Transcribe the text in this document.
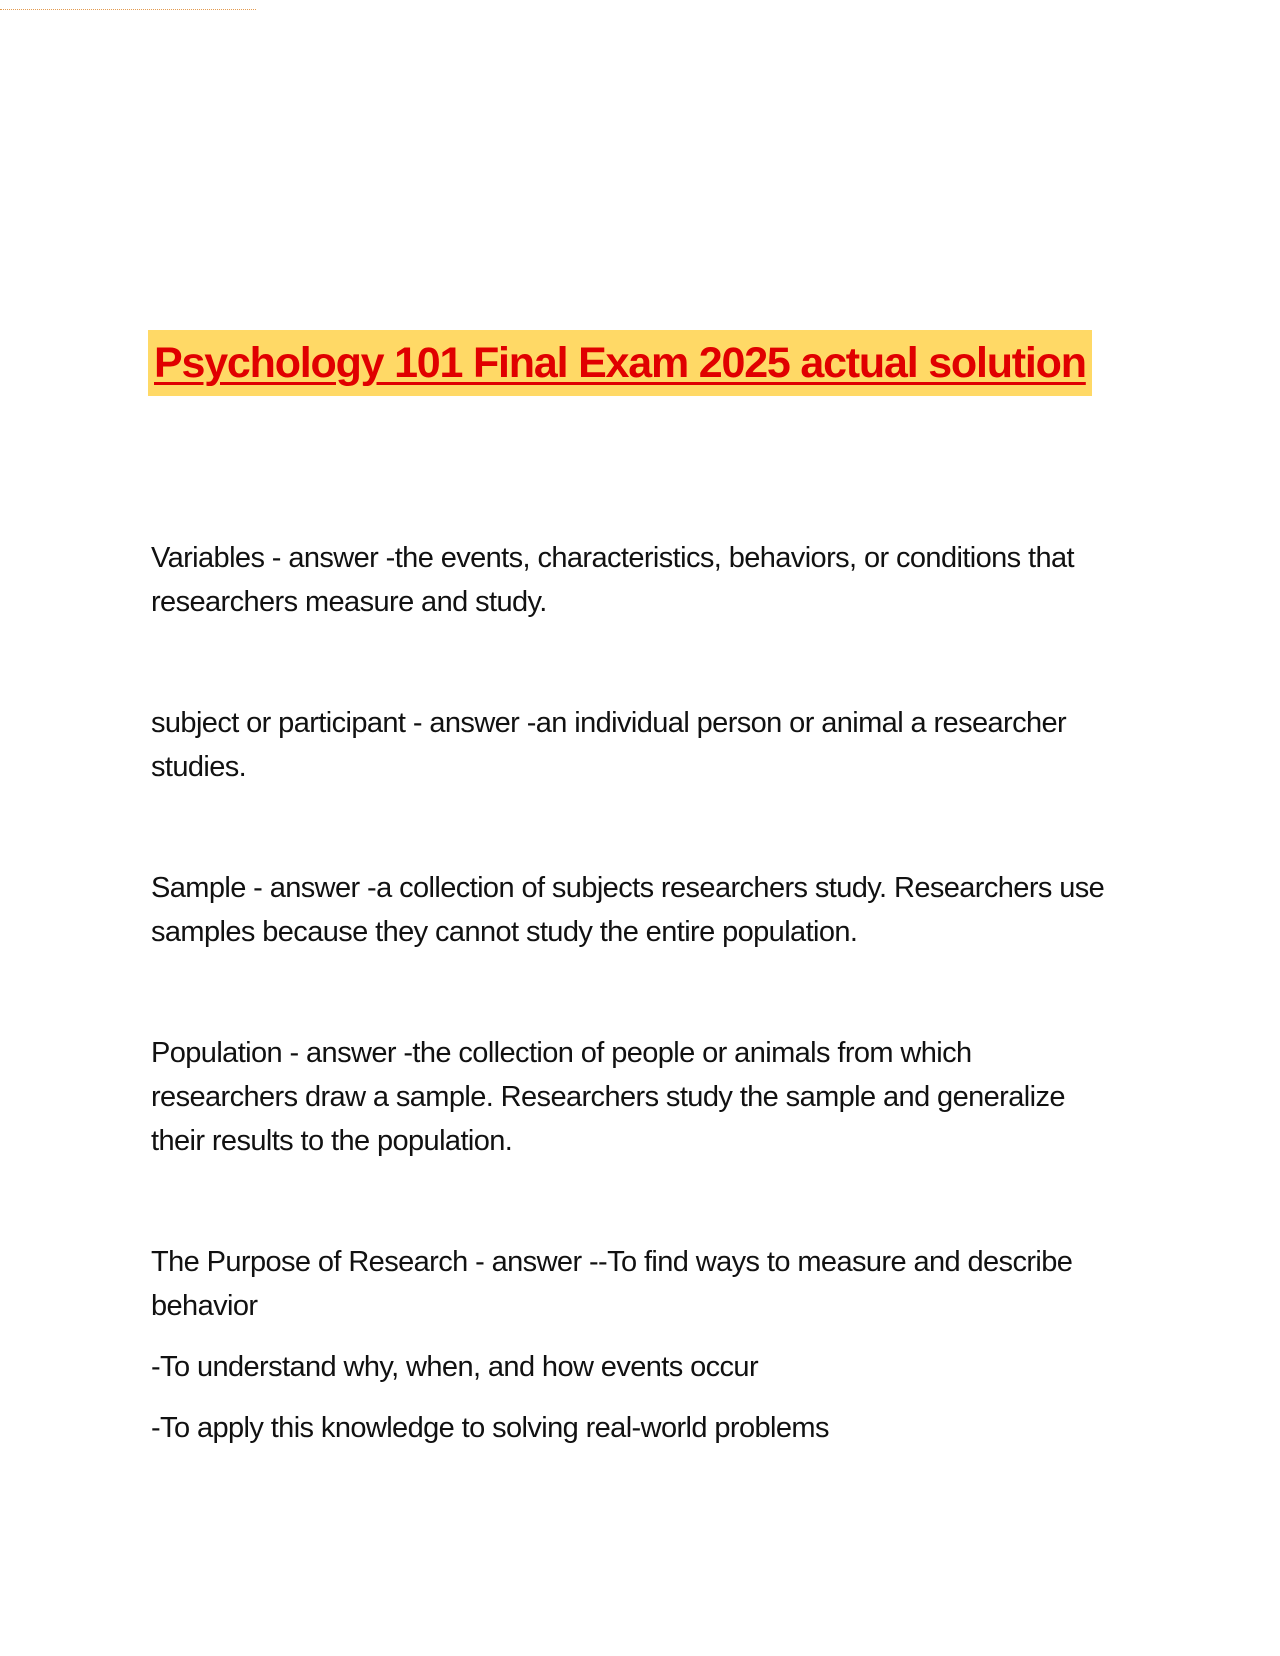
Psychology 101 Final Exam 2025 actual solution

Variables - answer -the events, characteristics, behaviors, or conditions that

researchers measure and study.

subject or participant - answer -an individual person or animal a researcher

studies.

Sample - answer -a collection of subjects researchers study. Researchers use

samples because they cannot study the entire population.

Population - answer -the collection of people or animals from which

researchers draw a sample. Researchers study the sample and generalize

their results to the population.

The Purpose of Research - answer --To find ways to measure and describe

behavior

-To understand why, when, and how events occur
-To apply this knowledge to solving real-world problems
